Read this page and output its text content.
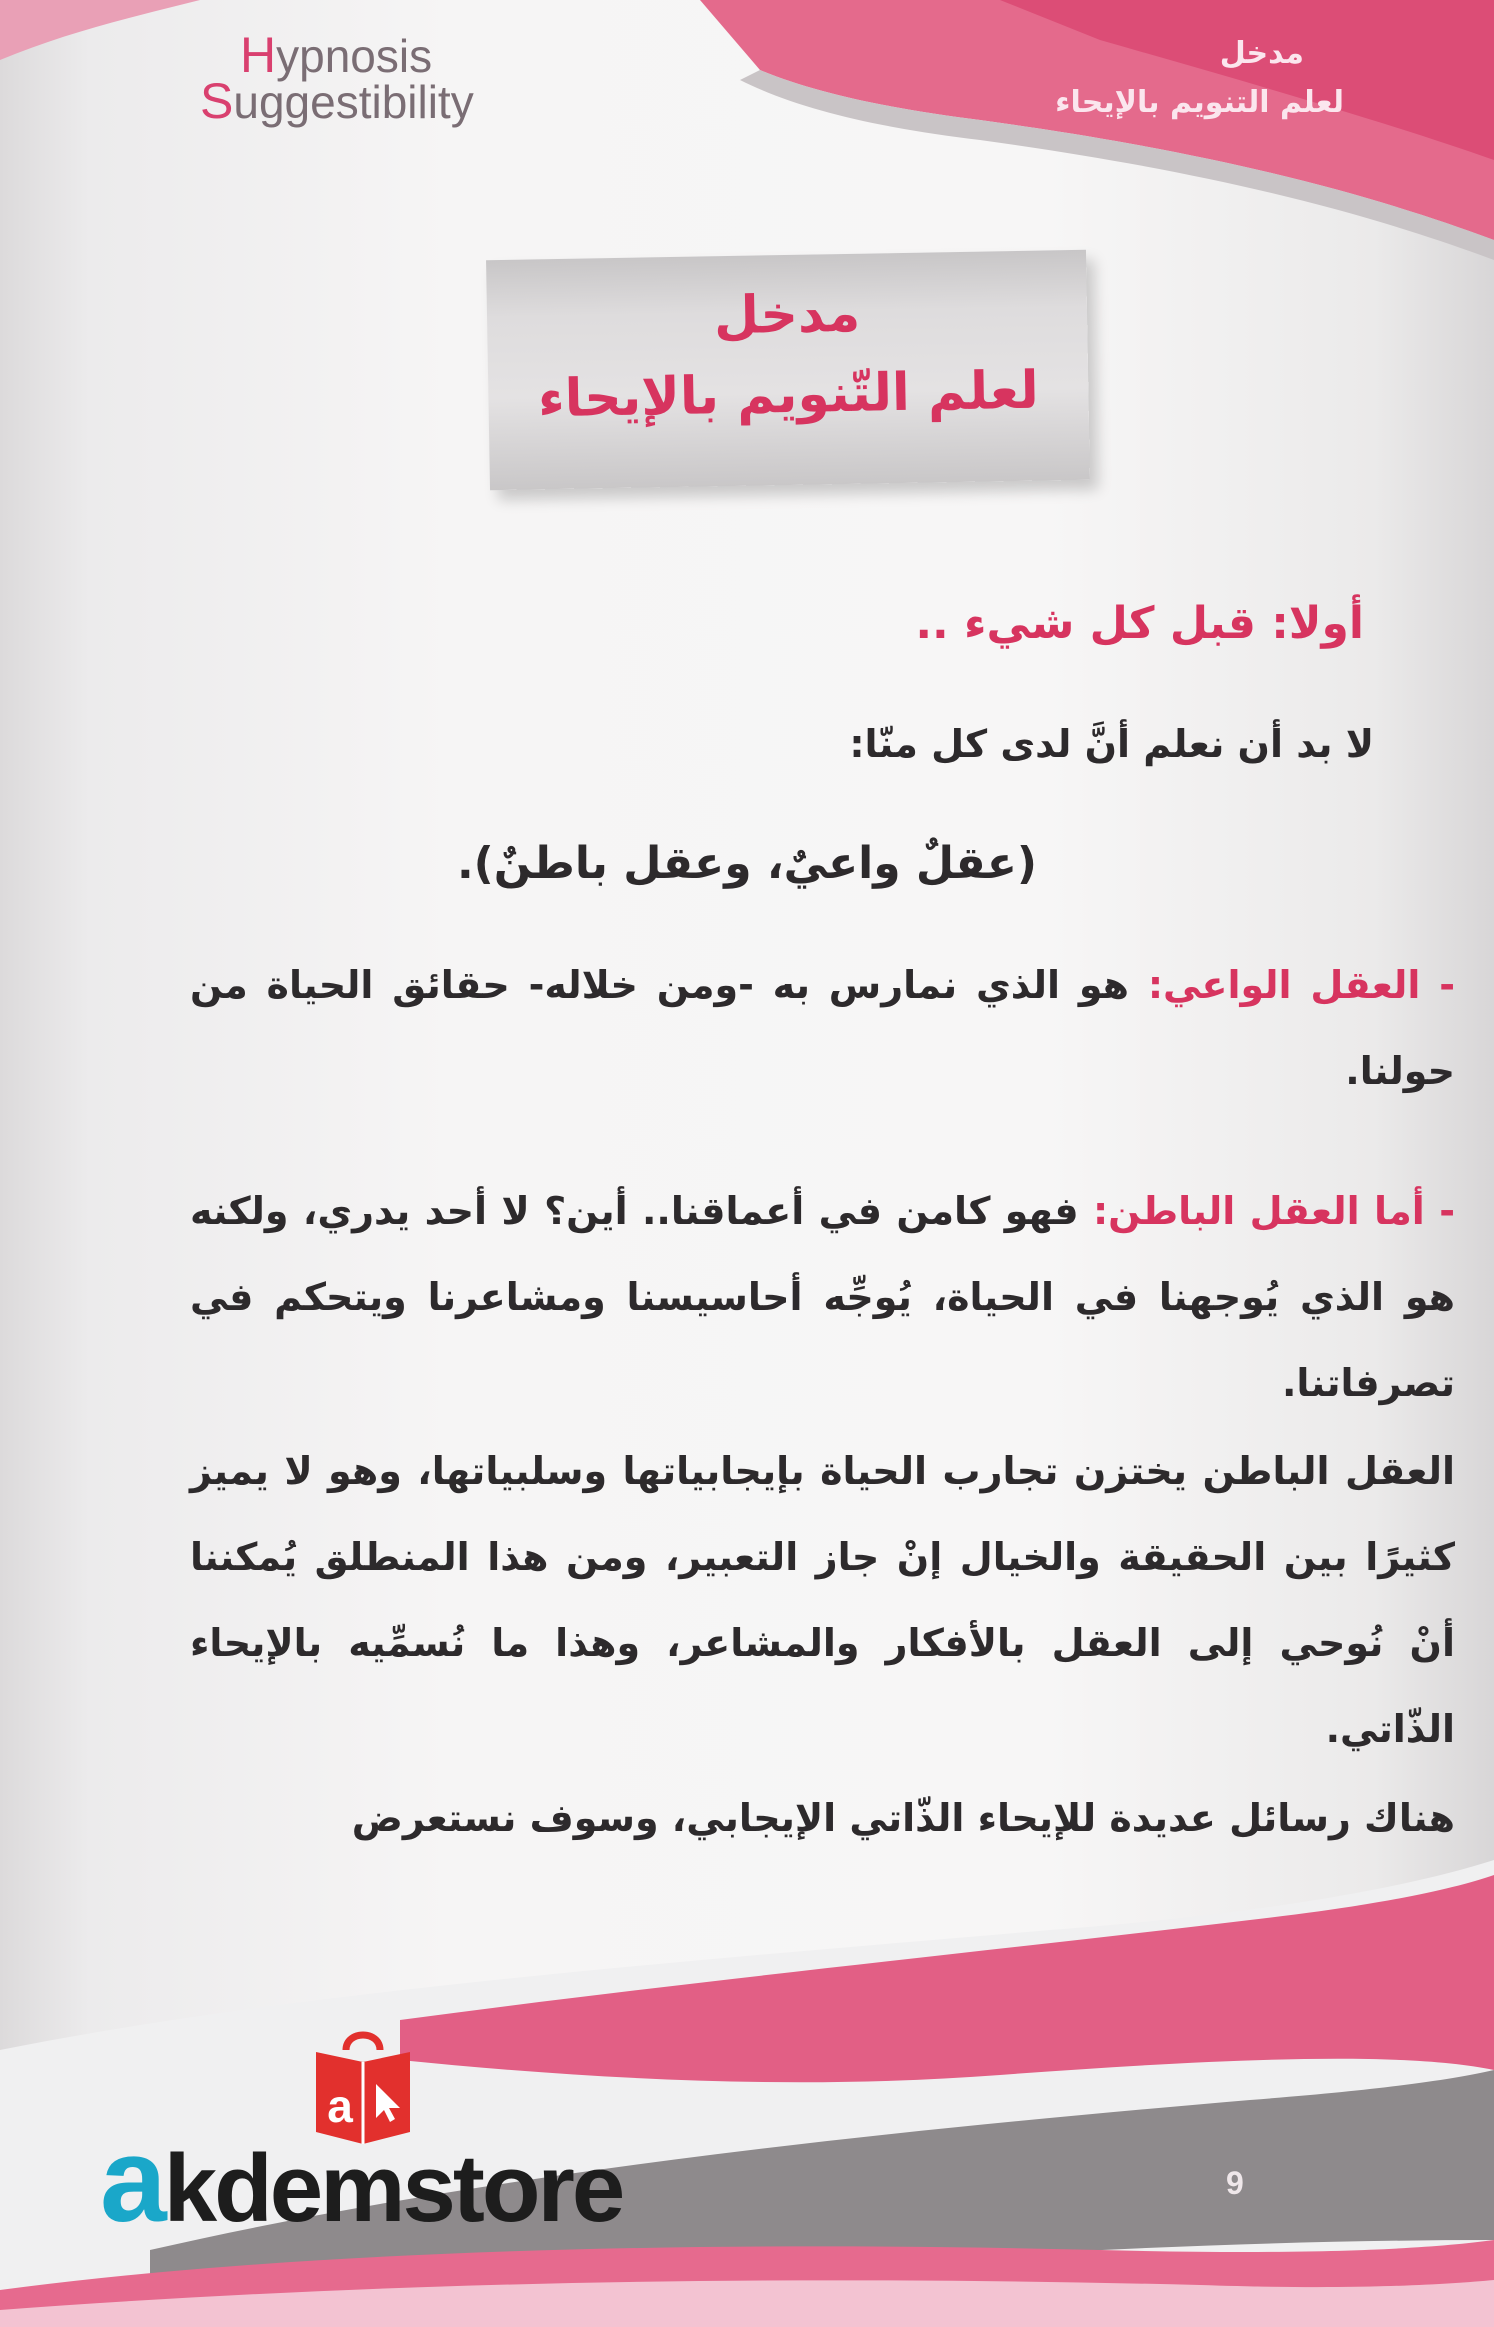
Hypnosis
Suggestibility
مدخل
لعلم التنويم بالإيحاء
مدخل
لعلم التّنويم بالإيحاء
أولا: قبل كل شيء ..
لا بد أن نعلم أنَّ لدى كل منّا:
(عقلٌ واعيٌ، وعقل باطنٌ).
- العقل الواعي: هو الذي نمارس به -ومن خلاله- حقائق الحياة من حولنا.
- أما العقل الباطن: فهو كامن في أعماقنا.. أين؟ لا أحد يدري، ولكنه هو الذي يُوجهنا في الحياة، يُوجِّه أحاسيسنا ومشاعرنا ويتحكم في تصرفاتنا.
العقل الباطن يختزن تجارب الحياة بإيجابياتها وسلبياتها، وهو لا يميز كثيرًا بين الحقيقة والخيال إنْ جاز التعبير، ومن هذا المنطلق يُمكننا أنْ نُوحي إلى العقل بالأفكار والمشاعر، وهذا ما نُسمِّيه بالإيحاء الذّاتي.
هناك رسائل عديدة للإيحاء الذّاتي الإيجابي، وسوف نستعرض
9
a
akdemstore
